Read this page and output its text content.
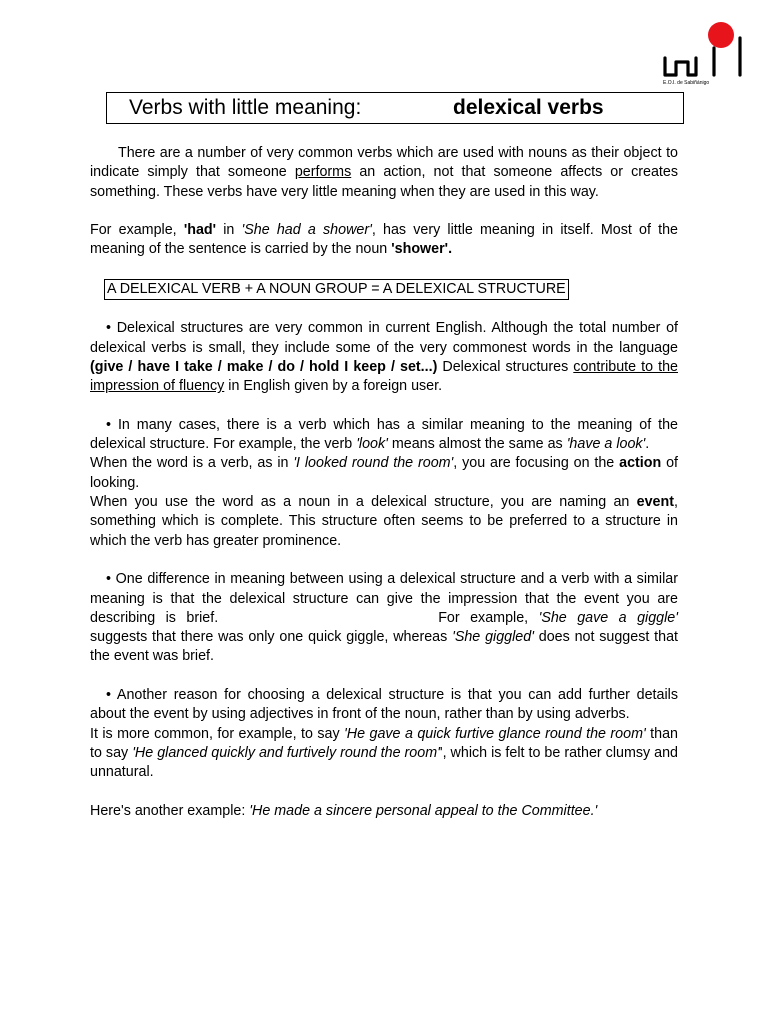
E.O.I. de Sabiñánigo
Verbs with little meaning:	delexical verbs

There are a number of very common verbs which are used with nouns as their object to indicate simply that someone performs an action, not that someone affects or creates something. These verbs have very little meaning when they are used in this way.

For example, 'had' in 'She had a shower', has very little meaning in itself. Most of the meaning of the sentence is carried by the noun 'shower'.

A DELEXICAL VERB + A NOUN GROUP = A DELEXICAL STRUCTURE

• Delexical structures are very common in current English. Although the total number of delexical verbs is small, they include some of the very commonest words in the language (give / have I take / make / do / hold I keep / set...) Delexical structures contribute to the impression of fluency in English given by a foreign user.

• In many cases, there is a verb which has a similar meaning to the meaning of the delexical structure. For example, the verb 'look' means almost the same as 'have a look'.

When the word is a verb, as in 'I looked round the room', you are focusing on the action of looking.

When you use the word as a noun in a delexical structure, you are naming an event, something which is complete. This structure often seems to be preferred to a structure in which the verb has greater prominence.

• One difference in meaning between using a delexical structure and a verb with a similar meaning is that the delexical structure can give the impression that the event you are describing is brief.	For example, 'She gave a giggle' suggests that there was only one quick giggle, whereas 'She giggled' does not suggest that the event was brief.

• Another reason for choosing a delexical structure is that you can add further details about the event by using adjectives in front of the noun, rather than by using adverbs.

It is more common, for example, to say 'He gave a quick furtive glance round the room' than to say 'He glanced quickly and furtively round the room'', which is felt to be rather clumsy and unnatural.

Here's another example: 'He made a sincere personal appeal to the Committee.'
